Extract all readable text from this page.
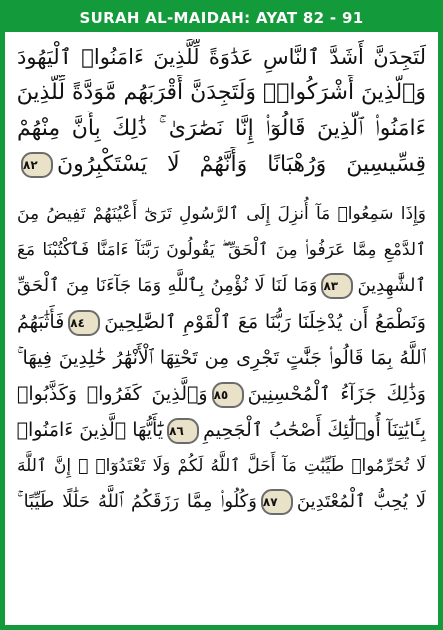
SURAH AL-MAIDAH: AYAT 82 - 91
لَتَجِدَنَّ أَشَدَّ ٱلنَّاسِ عَدَٰوَةً لِّلَّذِينَ ءَامَنُوا۟ ٱلْيَهُودَ
وَٱلَّذِينَ أَشْرَكُوا۟ۖ وَلَتَجِدَنَّ أَقْرَبَهُم مَّوَدَّةً لِّلَّذِينَ
ءَامَنُوا۟ ٱلَّذِينَ قَالُوٓا۟ إِنَّا نَصَٰرَىٰ ۚ ذَٰلِكَ بِأَنَّ مِنْهُمْ
قِسِّيسِينَ وَرُهْبَانًا وَأَنَّهُمْ لَا يَسْتَكْبِرُونَ٨٢
وَإِذَا سَمِعُوا۟ مَآ أُنزِلَ إِلَى ٱلرَّسُولِ تَرَىٰٓ أَعْيُنَهُمْ تَفِيضُ مِنَ
ٱلدَّمْعِ مِمَّا عَرَفُوا۟ مِنَ ٱلْحَقِّ ۖ يَقُولُونَ رَبَّنَآ ءَامَنَّا فَٱكْتُبْنَا مَعَ
ٱلشَّٰهِدِينَ٨٣وَمَا لَنَا لَا نُؤْمِنُ بِٱللَّهِ وَمَا جَآءَنَا مِنَ ٱلْحَقِّ
وَنَطْمَعُ أَن يُدْخِلَنَا رَبُّنَا مَعَ ٱلْقَوْمِ ٱلصَّٰلِحِينَ٨٤فَأَثَٰبَهُمُ
ٱللَّهُ بِمَا قَالُوا۟ جَنَّٰتٍ تَجْرِى مِن تَحْتِهَا ٱلْأَنْهَٰرُ خَٰلِدِينَ فِيهَا ۚ
وَذَٰلِكَ جَزَآءُ ٱلْمُحْسِنِينَ٨٥وَٱلَّذِينَ كَفَرُوا۟ وَكَذَّبُوا۟
بِـَٔايَٰتِنَآ أُو۟لَٰٓئِكَ أَصْحَٰبُ ٱلْجَحِيمِ٨٦يَٰٓأَيُّهَا ٱلَّذِينَ ءَامَنُوا۟
لَا تُحَرِّمُوا۟ طَيِّبَٰتِ مَآ أَحَلَّ ٱللَّهُ لَكُمْ وَلَا تَعْتَدُوٓا۟ ۚ إِنَّ ٱللَّهَ
لَا يُحِبُّ ٱلْمُعْتَدِينَ٨٧وَكُلُوا۟ مِمَّا رَزَقَكُمُ ٱللَّهُ حَلَٰلًا طَيِّبًا ۚ
